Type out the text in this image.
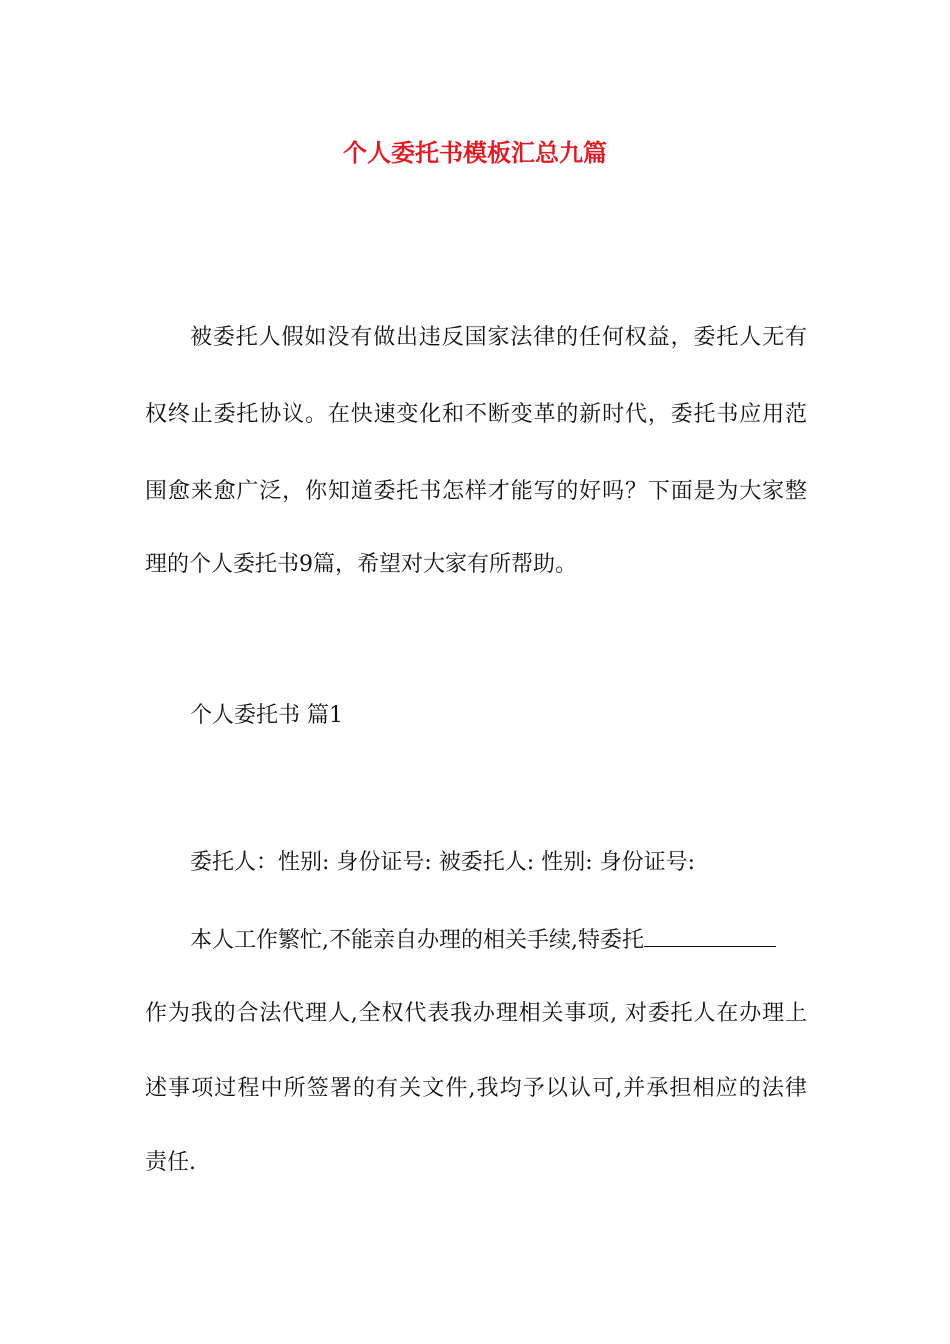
个人委托书模板汇总九篇
被委托人假如没有做出违反国家法律的任何权益，委托人无有
权终止委托协议。在快速变化和不断变革的新时代，委托书应用范
围愈来愈广泛，你知道委托书怎样才能写的好吗？下面是为大家整
理的个人委托书9篇，希望对大家有所帮助。
个人委托书 篇1
委托人：性别: 身份证号: 被委托人: 性别: 身份证号:
本人工作繁忙,不能亲自办理的相关手续,特委托
作为我的合法代理人,全权代表我办理相关事项, 对委托人在办理上
述事项过程中所签署的有关文件,我均予以认可,并承担相应的法律
责任.
